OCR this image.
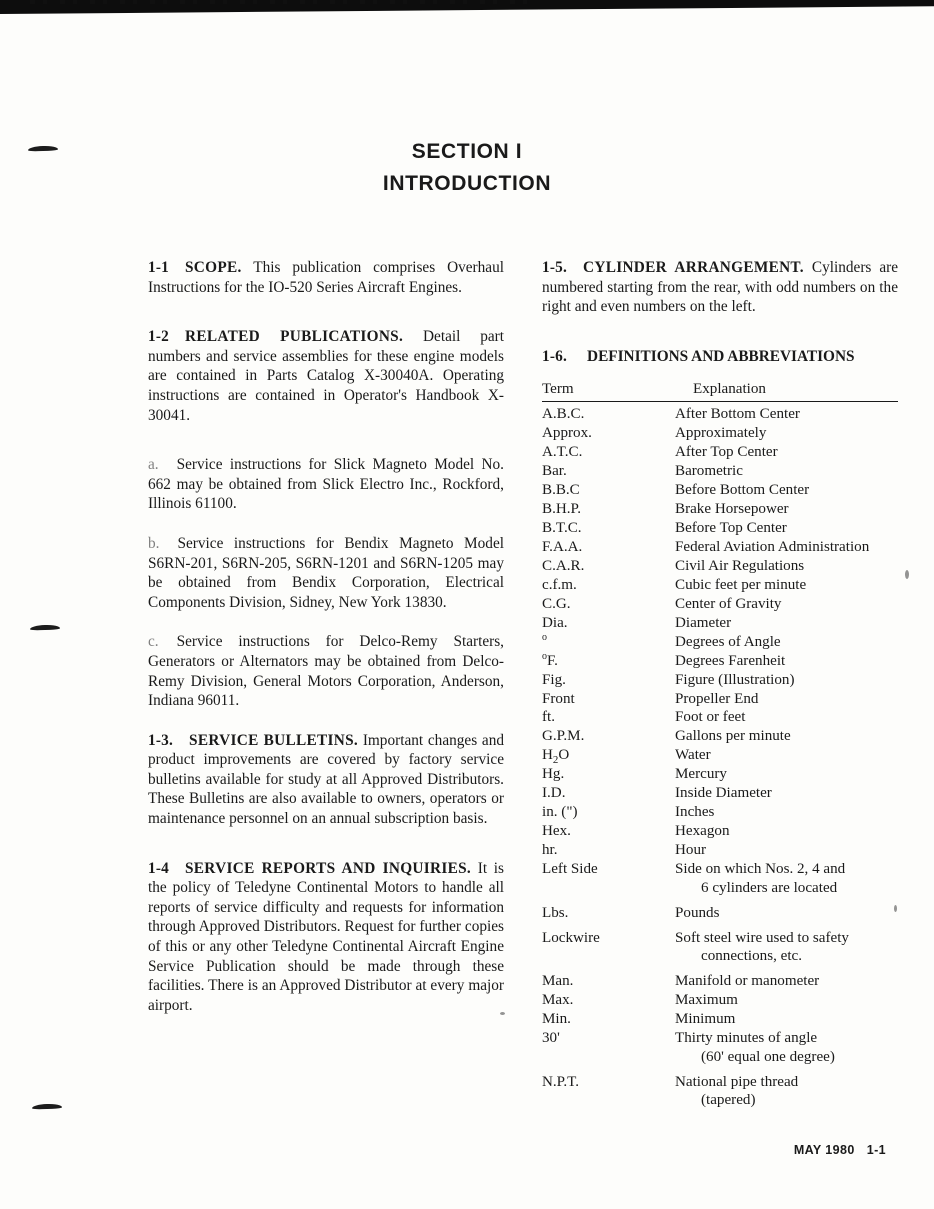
SECTION I
INTRODUCTION

1-1 SCOPE. This publication comprises Overhaul Instructions for the IO-520 Series Aircraft Engines.

1-2 RELATED PUBLICATIONS. Detail part numbers and service assemblies for these engine models are contained in Parts Catalog X-30040A. Operating instructions are contained in Operator's Handbook X-30041.

a. Service instructions for Slick Magneto Model No. 662 may be obtained from Slick Electro Inc., Rockford, Illinois 61100.

b. Service instructions for Bendix Magneto Model S6RN-201, S6RN-205, S6RN-1201 and S6RN-1205 may be obtained from Bendix Corporation, Electrical Components Division, Sidney, New York 13830.

c. Service instructions for Delco-Remy Starters, Generators or Alternators may be obtained from Delco-Remy Division, General Motors Corporation, Anderson, Indiana 96011.

1-3. SERVICE BULLETINS. Important changes and product improvements are covered by factory service bulletins available for study at all Approved Distributors. These Bulletins are also available to owners, operators or maintenance personnel on an annual subscription basis.

1-4 SERVICE REPORTS AND INQUIRIES. It is the policy of Teledyne Continental Motors to handle all reports of service difficulty and requests for information through Approved Distributors. Request for further copies of this or any other Teledyne Continental Aircraft Engine Service Publication should be made through these facilities. There is an Approved Distributor at every major airport.

1-5. CYLINDER ARRANGEMENT. Cylinders are numbered starting from the rear, with odd numbers on the right and even numbers on the left.

1-6. DEFINITIONS AND ABBREVIATIONS

Term	Explanation
A.B.C.	After Bottom Center
Approx.	Approximately
A.T.C.	After Top Center
Bar.	Barometric
B.B.C	Before Bottom Center
B.H.P.	Brake Horsepower
B.T.C.	Before Top Center
F.A.A.	Federal Aviation Administration
C.A.R.	Civil Air Regulations
c.f.m.	Cubic feet per minute
C.G.	Center of Gravity
Dia.	Diameter
$^o$	Degrees of Angle
$^o$F.	Degrees Farenheit
Fig.	Figure (Illustration)
Front	Propeller End
ft.	Foot or feet
G.P.M.	Gallons per minute
$H_2O$	Water
Hg.	Mercury
I.D.	Inside Diameter
in. (")	Inches
Hex.	Hexagon
hr.	Hour
Left Side	Side on which Nos. 2, 4 and
6 cylinders are located

Lbs.	Pounds

Lockwire	Soft steel wire used to safety
connections, etc.

Man.	Manifold or manometer
Max.	Maximum
Min.	Minimum
30'	Thirty minutes of angle
(60' equal one degree)

N.P.T.	National pipe thread
(tapered)
MAY 1980 1-1
